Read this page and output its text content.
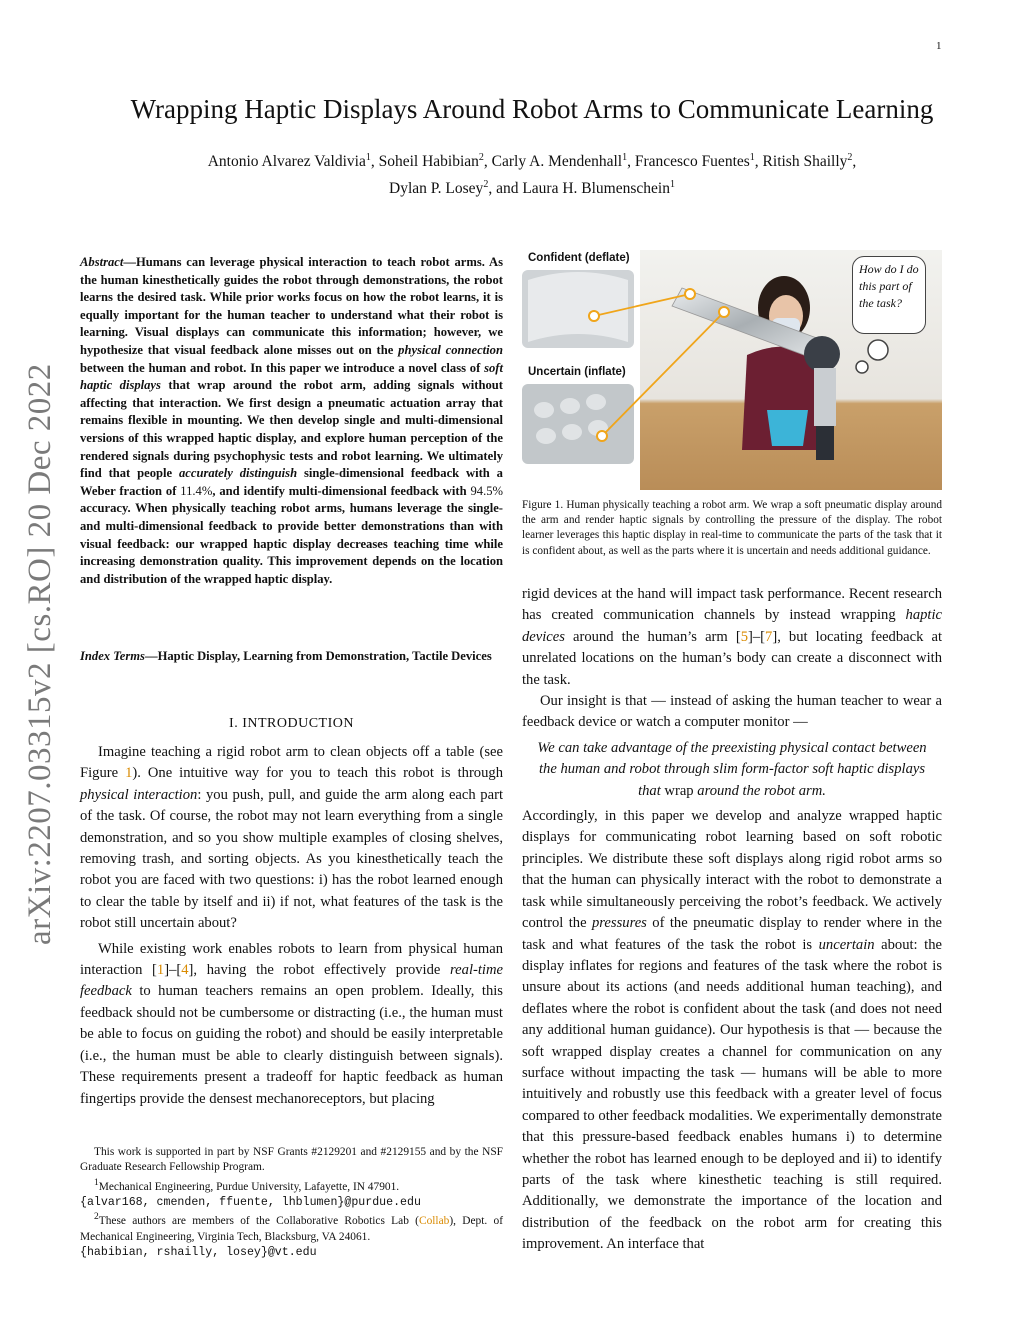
1
arXiv:2207.03315v2 [cs.RO] 20 Dec 2022
Wrapping Haptic Displays Around Robot Arms to Communicate Learning
Antonio Alvarez Valdivia$^1$, Soheil Habibian$^2$, Carly A. Mendenhall$^1$, Francesco Fuentes$^1$, Ritish Shailly$^2$,
Dylan P. Losey$^2$, and Laura H. Blumenschein$^1$
Abstract—Humans can leverage physical interaction to teach robot arms. As the human kinesthetically guides the robot through demonstrations, the robot learns the desired task. While prior works focus on how the robot learns, it is equally important for the human teacher to understand what their robot is learning. Visual displays can communicate this information; however, we hypothesize that visual feedback alone misses out on the physical connection between the human and robot. In this paper we introduce a novel class of soft haptic displays that wrap around the robot arm, adding signals without affecting that interaction. We first design a pneumatic actuation array that remains flexible in mounting. We then develop single and multi-dimensional versions of this wrapped haptic display, and explore human perception of the rendered signals during psychophysic tests and robot learning. We ultimately find that people accurately distinguish single-dimensional feedback with a Weber fraction of 11.4%, and identify multi-dimensional feedback with 94.5% accuracy. When physically teaching robot arms, humans leverage the single- and multi-dimensional feedback to provide better demonstrations than with visual feedback: our wrapped haptic display decreases teaching time while increasing demonstration quality. This improvement depends on the location and distribution of the wrapped haptic display.
Index Terms—Haptic Display, Learning from Demonstration, Tactile Devices
I. INTRODUCTION

Imagine teaching a rigid robot arm to clean objects off a table (see Figure 1). One intuitive way for you to teach this robot is through physical interaction: you push, pull, and guide the arm along each part of the task. Of course, the robot may not learn everything from a single demonstration, and so you show multiple examples of closing shelves, removing trash, and sorting objects. As you kinesthetically teach the robot you are faced with two questions: i) has the robot learned enough to clear the table by itself and ii) if not, what features of the task is the robot still uncertain about?

While existing work enables robots to learn from physical human interaction [1]–[4], having the robot effectively provide real-time feedback to human teachers remains an open problem. Ideally, this feedback should not be cumbersome or distracting (i.e., the human must be able to focus on guiding the robot) and should be easily interpretable (i.e., the human must be able to clearly distinguish between signals). These requirements present a tradeoff for haptic feedback as human fingertips provide the densest mechanoreceptors, but placing

This work is supported in part by NSF Grants #2129201 and #2129155 and by the NSF Graduate Research Fellowship Program.

$^1$Mechanical Engineering, Purdue University, Lafayette, IN 47901.
{alvar168, cmenden, ffuente, lhblumen}@purdue.edu

$^2$These authors are members of the Collaborative Robotics Lab (Collab), Dept. of Mechanical Engineering, Virginia Tech, Blacksburg, VA 24061.
{habibian, rshailly, losey}@vt.edu

Confident (deflate)
Uncertain (inflate)
How do I do this part of the task?
Figure 1. Human physically teaching a robot arm. We wrap a soft pneumatic display around the arm and render haptic signals by controlling the pressure of the display. The robot learner leverages this haptic display in real-time to communicate the parts of the task that it is confident about, as well as the parts where it is uncertain and needs additional guidance.

rigid devices at the hand will impact task performance. Recent research has created communication channels by instead wrapping haptic devices around the human’s arm [5]–[7], but locating feedback at unrelated locations on the human’s body can create a disconnect with the task.

Our insight is that — instead of asking the human teacher to wear a feedback device or watch a computer monitor —

We can take advantage of the preexisting physical contact between the human and robot through slim form-factor soft haptic displays that wrap around the robot arm.

Accordingly, in this paper we develop and analyze wrapped haptic displays for communicating robot learning based on soft robotic principles. We distribute these soft displays along rigid robot arms so that the human can physically interact with the robot to demonstrate a task while simultaneously perceiving the robot’s feedback. We actively control the pressures of the pneumatic display to render where in the task and what features of the task the robot is uncertain about: the display inflates for regions and features of the task where the robot is unsure about its actions (and needs additional human teaching), and deflates where the robot is confident about the task (and does not need any additional human guidance). Our hypothesis is that — because the soft wrapped display creates a channel for communication on any surface without impacting the task — humans will be able to more intuitively and robustly use this feedback with a greater level of focus compared to other feedback modalities. We experimentally demonstrate that this pressure-based feedback enables humans i) to determine whether the robot has learned enough to be deployed and ii) to identify parts of the task where kinesthetic teaching is still required. Additionally, we demonstrate the importance of the location and distribution of the feedback on the robot arm for creating this improvement. An interface that
